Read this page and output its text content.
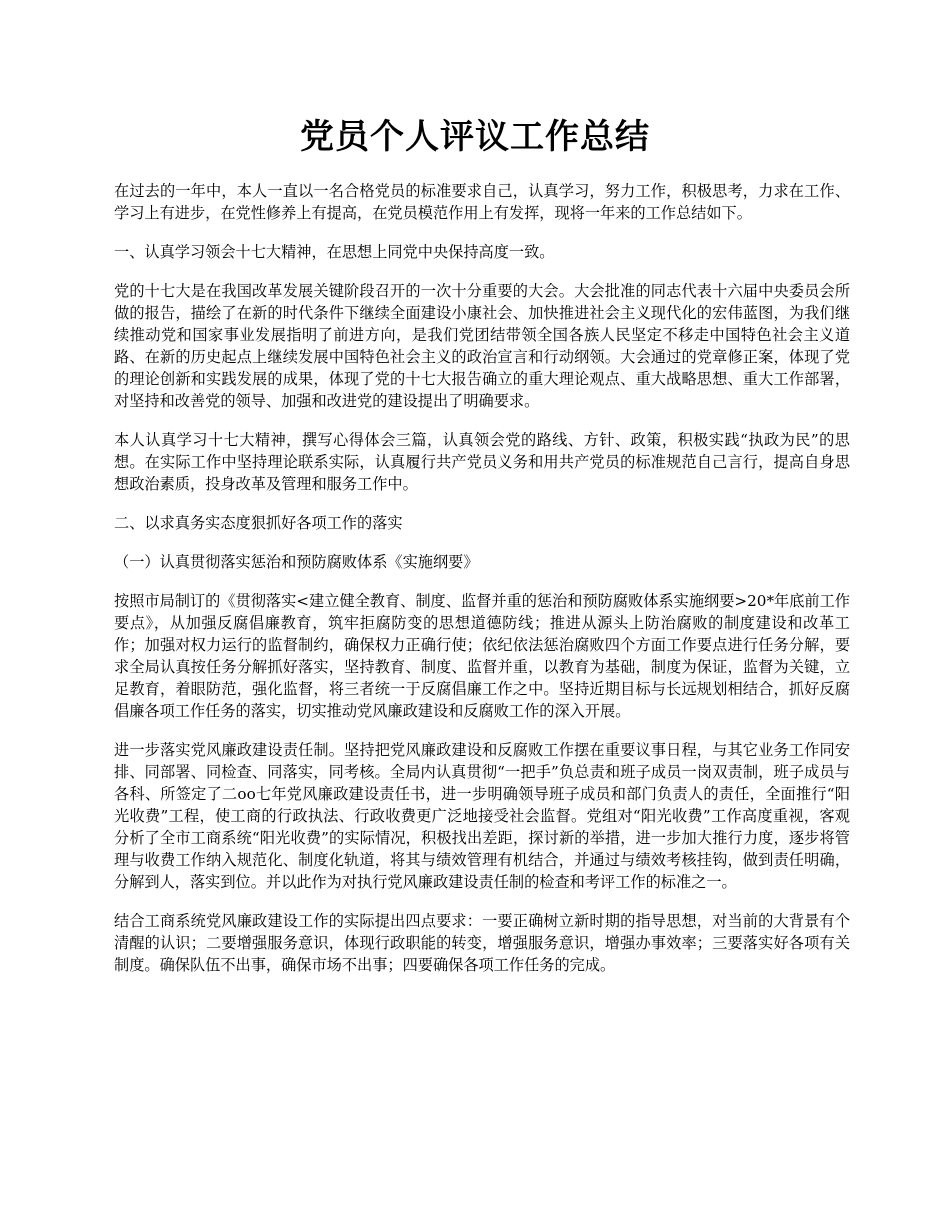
党员个人评议工作总结

在过去的一年中，本人一直以一名合格党员的标准要求自己，认真学习，努力工作，积极思考，力求在工作、学习上有进步，在党性修养上有提高，在党员模范作用上有发挥，现将一年来的工作总结如下。

一、认真学习领会十七大精神，在思想上同党中央保持高度一致。

党的十七大是在我国改革发展关键阶段召开的一次十分重要的大会。大会批准的同志代表十六届中央委员会所做的报告，描绘了在新的时代条件下继续全面建设小康社会、加快推进社会主义现代化的宏伟蓝图，为我们继续推动党和国家事业发展指明了前进方向，是我们党团结带领全国各族人民坚定不移走中国特色社会主义道路、在新的历史起点上继续发展中国特色社会主义的政治宣言和行动纲领。大会通过的党章修正案，体现了党的理论创新和实践发展的成果，体现了党的十七大报告确立的重大理论观点、重大战略思想、重大工作部署，对坚持和改善党的领导、加强和改进党的建设提出了明确要求。

本人认真学习十七大精神，撰写心得体会三篇，认真领会党的路线、方针、政策，积极实践“执政为民”的思想。在实际工作中坚持理论联系实际，认真履行共产党员义务和用共产党员的标准规范自己言行，提高自身思想政治素质，投身改革及管理和服务工作中。

二、以求真务实态度狠抓好各项工作的落实

（一）认真贯彻落实惩治和预防腐败体系《实施纲要》

按照市局制订的《贯彻落实<建立健全教育、制度、监督并重的惩治和预防腐败体系实施纲要>20*年底前工作要点》，从加强反腐倡廉教育，筑牢拒腐防变的思想道德防线；推进从源头上防治腐败的制度建设和改革工作；加强对权力运行的监督制约，确保权力正确行使；依纪依法惩治腐败四个方面工作要点进行任务分解，要求全局认真按任务分解抓好落实，坚持教育、制度、监督并重，以教育为基础，制度为保证，监督为关键，立足教育，着眼防范，强化监督，将三者统一于反腐倡廉工作之中。坚持近期目标与长远规划相结合，抓好反腐倡廉各项工作任务的落实，切实推动党风廉政建设和反腐败工作的深入开展。

进一步落实党风廉政建设责任制。坚持把党风廉政建设和反腐败工作摆在重要议事日程，与其它业务工作同安排、同部署、同检查、同落实，同考核。全局内认真贯彻“一把手”负总责和班子成员一岗双责制，班子成员与各科、所签定了二oo七年党风廉政建设责任书，进一步明确领导班子成员和部门负责人的责任，全面推行“阳光收费”工程，使工商的行政执法、行政收费更广泛地接受社会监督。党组对“阳光收费”工作高度重视，客观分析了全市工商系统“阳光收费”的实际情况，积极找出差距，探讨新的举措，进一步加大推行力度，逐步将管理与收费工作纳入规范化、制度化轨道，将其与绩效管理有机结合，并通过与绩效考核挂钩，做到责任明确，分解到人，落实到位。并以此作为对执行党风廉政建设责任制的检查和考评工作的标准之一。

结合工商系统党风廉政建设工作的实际提出四点要求：一要正确树立新时期的指导思想，对当前的大背景有个清醒的认识；二要增强服务意识，体现行政职能的转变，增强服务意识，增强办事效率；三要落实好各项有关制度。确保队伍不出事，确保市场不出事；四要确保各项工作任务的完成。
